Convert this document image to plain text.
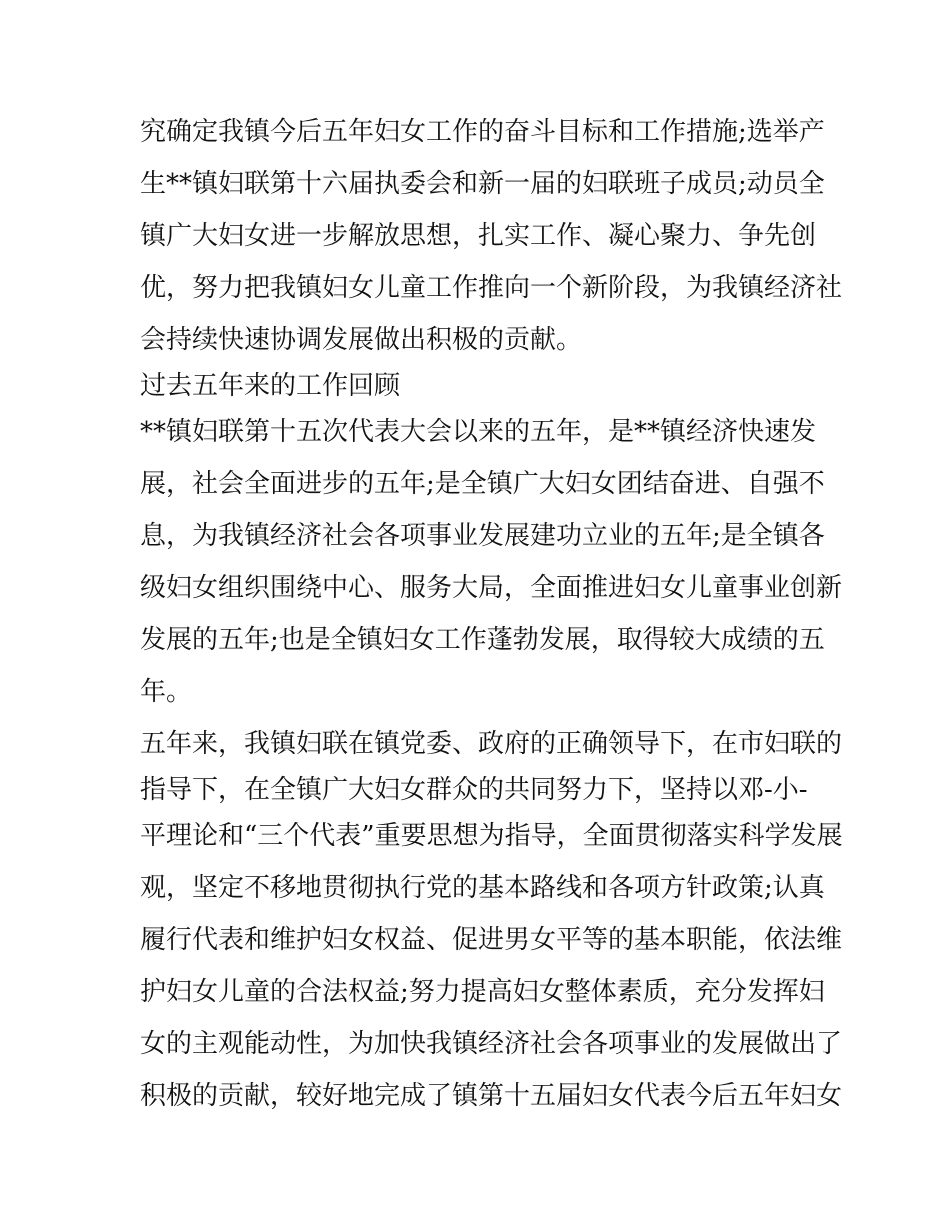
究确定我镇今后五年妇女工作的奋斗目标和工作措施;选举产
生**镇妇联第十六届执委会和新一届的妇联班子成员;动员全
镇广大妇女进一步解放思想，扎实工作、凝心聚力、争先创
优，努力把我镇妇女儿童工作推向一个新阶段，为我镇经济社
会持续快速协调发展做出积极的贡献。
过去五年来的工作回顾
**镇妇联第十五次代表大会以来的五年，是**镇经济快速发
展，社会全面进步的五年;是全镇广大妇女团结奋进、自强不
息，为我镇经济社会各项事业发展建功立业的五年;是全镇各
级妇女组织围绕中心、服务大局，全面推进妇女儿童事业创新
发展的五年;也是全镇妇女工作蓬勃发展，取得较大成绩的五
年。
五年来，我镇妇联在镇党委、政府的正确领导下，在市妇联的
指导下，在全镇广大妇女群众的共同努力下，坚持以邓-小-
平理论和“三个代表”重要思想为指导，全面贯彻落实科学发展
观，坚定不移地贯彻执行党的基本路线和各项方针政策;认真
履行代表和维护妇女权益、促进男女平等的基本职能，依法维
护妇女儿童的合法权益;努力提高妇女整体素质，充分发挥妇
女的主观能动性，为加快我镇经济社会各项事业的发展做出了
积极的贡献，较好地完成了镇第十五届妇女代表今后五年妇女
